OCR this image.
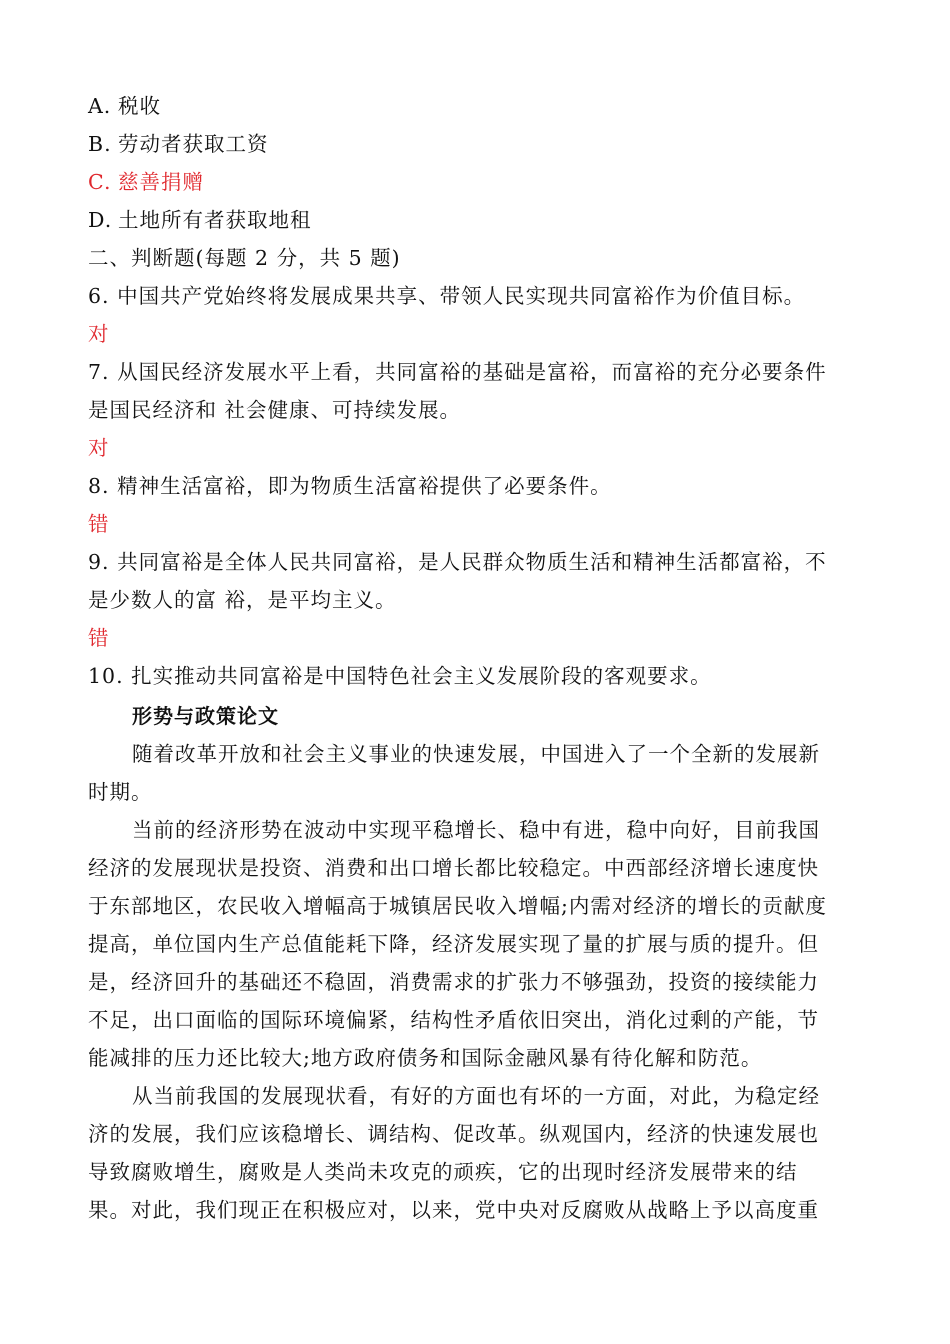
A. 税收
B. 劳动者获取工资
C. 慈善捐赠
D. 土地所有者获取地租
二、判断题(每题 2 分，共 5 题)
6. 中国共产党始终将发展成果共享、带领人民实现共同富裕作为价值目标。
对
7. 从国民经济发展水平上看，共同富裕的基础是富裕，而富裕的充分必要条件
是国民经济和 社会健康、可持续发展。
对
8. 精神生活富裕，即为物质生活富裕提供了必要条件。
错
9. 共同富裕是全体人民共同富裕，是人民群众物质生活和精神生活都富裕，不
是少数人的富 裕，是平均主义。
错
10. 扎实推动共同富裕是中国特色社会主义发展阶段的客观要求。
形势与政策论文
随着改革开放和社会主义事业的快速发展，中国进入了一个全新的发展新
时期。
当前的经济形势在波动中实现平稳增长、稳中有进，稳中向好，目前我国
经济的发展现状是投资、消费和出口增长都比较稳定。中西部经济增长速度快
于东部地区，农民收入增幅高于城镇居民收入增幅;内需对经济的增长的贡献度
提高，单位国内生产总值能耗下降，经济发展实现了量的扩展与质的提升。但
是，经济回升的基础还不稳固，消费需求的扩张力不够强劲，投资的接续能力
不足，出口面临的国际环境偏紧，结构性矛盾依旧突出，消化过剩的产能，节
能减排的压力还比较大;地方政府债务和国际金融风暴有待化解和防范。
从当前我国的发展现状看，有好的方面也有坏的一方面，对此，为稳定经
济的发展，我们应该稳增长、调结构、促改革。纵观国内，经济的快速发展也
导致腐败增生，腐败是人类尚未攻克的顽疾，它的出现时经济发展带来的结
果。对此，我们现正在积极应对，以来，党中央对反腐败从战略上予以高度重
